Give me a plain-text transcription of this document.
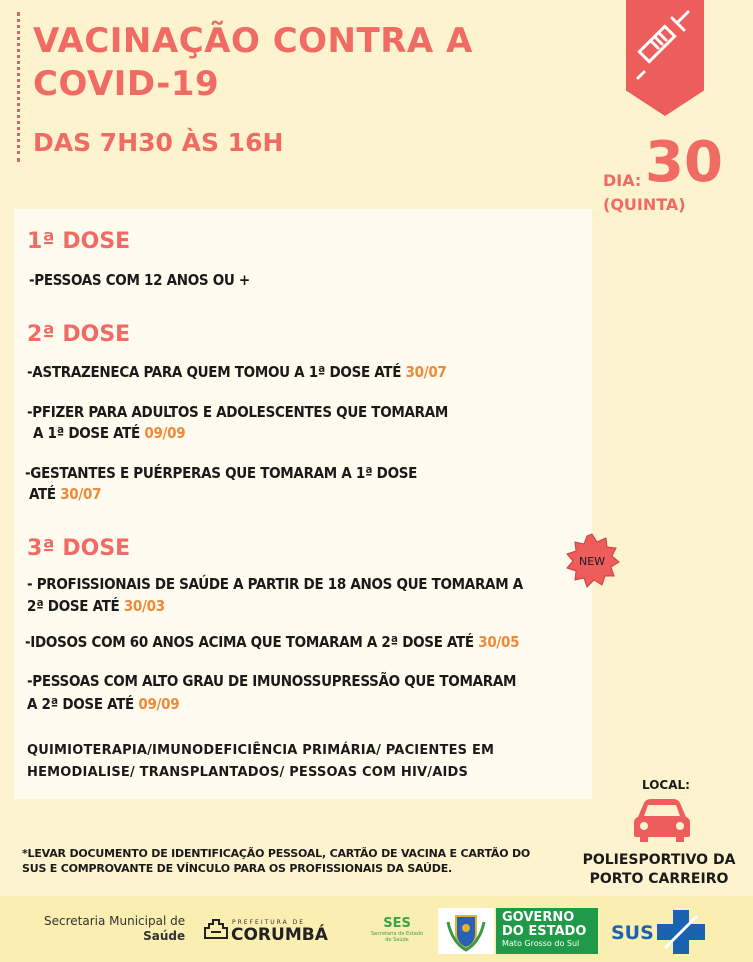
VACINAÇÃO CONTRA A COVID-19
DAS 7H30 ÀS 16H
DIA: 30
(QUINTA)
1ª DOSE
-PESSOAS COM 12 ANOS OU +
2ª DOSE
-ASTRAZENECA PARA QUEM TOMOU A 1ª DOSE ATÉ 30/07
-PFIZER PARA ADULTOS E ADOLESCENTES QUE TOMARAM
A 1ª DOSE ATÉ 09/09
-GESTANTES E PUÉRPERAS QUE TOMARAM A 1ª DOSE
ATÉ 30/07
3ª DOSE
- PROFISSIONAIS DE SAÚDE A PARTIR DE 18 ANOS QUE TOMARAM A
2ª DOSE ATÉ 30/03
-IDOSOS COM 60 ANOS ACIMA QUE TOMARAM A 2ª DOSE ATÉ 30/05
-PESSOAS COM ALTO GRAU DE IMUNOSSUPRESSÃO QUE TOMARAM
A 2ª DOSE ATÉ 09/09
QUIMIOTERAPIA/IMUNODEFICIÊNCIA PRIMÁRIA/ PACIENTES EM
HEMODIALISE/ TRANSPLANTADOS/ PESSOAS COM HIV/AIDS
NEW
LOCAL:
POLIESPORTIVO DA
PORTO CARREIRO
*LEVAR DOCUMENTO DE IDENTIFICAÇÃO PESSOAL, CARTÃO DE VACINA E CARTÃO DO
SUS E COMPROVANTE DE VÍNCULO PARA OS PROFISSIONAIS DA SAÚDE.
Secretaria Municipal de
Saúde
PREFEITURA DE
CORUMBÁ
SES
Secretaria de Estado
de Saúde
GOVERNO
DO ESTADO
Mato Grosso do Sul	SUS
